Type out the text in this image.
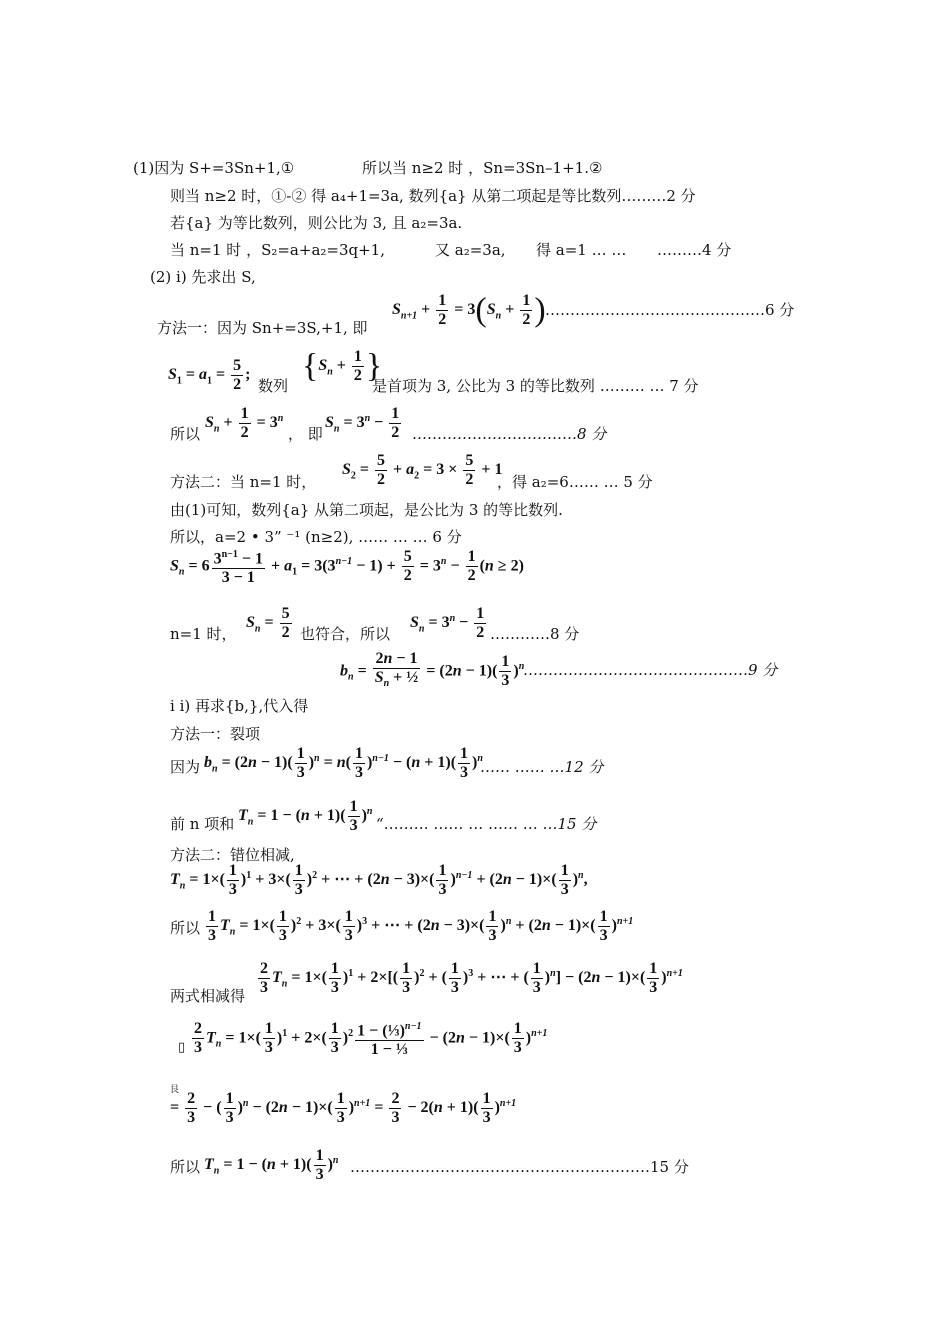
(1)因为 S+=3Sn+1,①	所以当 n≥2 时 ，Sn=3Sn–1+1.②
则当 n≥2 时，①-② 得 a₄+1=3a, 数列{a} 从第二项起是等比数列………2 分
若{a} 为等比数列，则公比为 3, 且 a₂=3a.
当 n=1 时 ，S₂=a+a₂=3q+1,	又 a₂=3a, 得 a=1 … … ………4 分
(2) i) 先求出 S,
方法一：因为 Sn+=3S,+1, 即
$S_{n+1} + \frac{1}{2} = 3(S_n + \frac{1}{2}$ )
………………………………………6 分
$S_1 = a_1 = \frac{5}{2}$ ;
数列
{$S_n + \frac{1}{2}$ }
是首项为 3, 公比为 3 的等比数列 ……… … 7 分
所以
$S_n + \frac{1}{2} = 3^n$
， 即
$S_n = 3^n - \frac{1}{2}$ ……………………………8 分
方法二：当 n=1 时，
$S_2 = \frac{5}{2} + a_2 = 3 \times \frac{5}{2} + 1$
，得 a₂=6…… … 5 分
由(1)可知，数列{a} 从第二项起，是公比为 3 的等比数列.
所以，a=2 • 3” ⁻¹ (n≥2), …… … … 6 分
$S_n = 6 \frac{3^{n-1} - 1}{3 - 1} + a_1 = 3(3^{n-1} - 1) + \frac{5}{2} = 3^n - \frac{1}{2} (n \ge 2)$
n=1 时，
$S_n = \frac{5}{2}$ 也符合，所以
$S_n = 3^n - \frac{1}{2}$ …………8 分
$b_n = \frac{2n - 1}{S_n + \frac{1}{2}} = (2n - 1)( \frac{1}{3} )^n$
………………………………………9 分
i i) 再求{b,},代入得
方法一：裂项
因为 $b_n = (2n - 1)( \frac{1}{3} )^n = n( \frac{1}{3} )^{n-1} - (n + 1)( \frac{1}{3} )^n$
…… …… …12 分
前 n 项和 $T_n = 1 - (n + 1)( \frac{1}{3} )^n$
“……… …… … …… … …15 分
方法二：错位相减,
$T_n = 1\times( \frac{1}{3} )^1 + 3\times( \frac{1}{3} )^2$ + ⋯ + $(2n - 3)\times( \frac{1}{3} )^{n-1} + (2n - 1)\times( \frac{1}{3} )^n$,
所以 $\frac{1}{3} T_n = 1\times( \frac{1}{3} )^2 + 3\times( \frac{1}{3} )^3$ + ⋯ + $(2n - 3)\times( \frac{1}{3} )^n + (2n - 1)\times( \frac{1}{3} )^{n+1}$
两式相减得 $\frac{2}{3} T_n = 1\times( \frac{1}{3} )^1 + 2\times[( \frac{1}{3} )^2$ + ( $\frac{1}{3} )^3$ + ⋯ + ( $\frac{1}{3} )^n] - (2n - 1)\times( \frac{1}{3} )^{n+1}$
▯ $\frac{2}{3} T_n = 1\times( \frac{1}{3} )^1 + 2\times( \frac{1}{3} )^2 \frac{1 - (\frac{1}{3})^{n-1}}{\text{1 − ⅓}} - (2n - 1)\times( \frac{1}{3} )^{n+1}$
艮
= $\frac{2}{3}$ − ( $\frac{1}{3} )^n - (2n - 1)\times( \frac{1}{3} )^{n+1} = \frac{2}{3} - 2(n + 1)( \frac{1}{3} )^{n+1}$
所以 $T_n = 1 - (n + 1)( \frac{1}{3} )^n$ ……………………………………………………15 分
